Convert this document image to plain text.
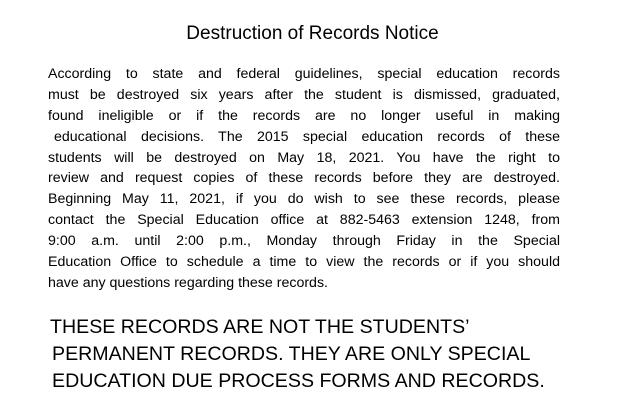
Destruction of Records Notice
According to state and federal guidelines, special education records
must be destroyed six years after the student is dismissed, graduated,
found ineligible or if the records are no longer useful in making
educational decisions. The 2015 special education records of these
students will be destroyed on May 18, 2021. You have the right to
review and request copies of these records before they are destroyed.
Beginning May 11, 2021, if you do wish to see these records, please
contact the Special Education office at 882-5463 extension 1248, from
9:00 a.m. until 2:00 p.m., Monday through Friday in the Special
Education Office to schedule a time to view the records or if you should
have any questions regarding these records.
THESE RECORDS ARE NOT THE STUDENTS’
PERMANENT RECORDS. THEY ARE ONLY SPECIAL
EDUCATION DUE PROCESS FORMS AND RECORDS.
